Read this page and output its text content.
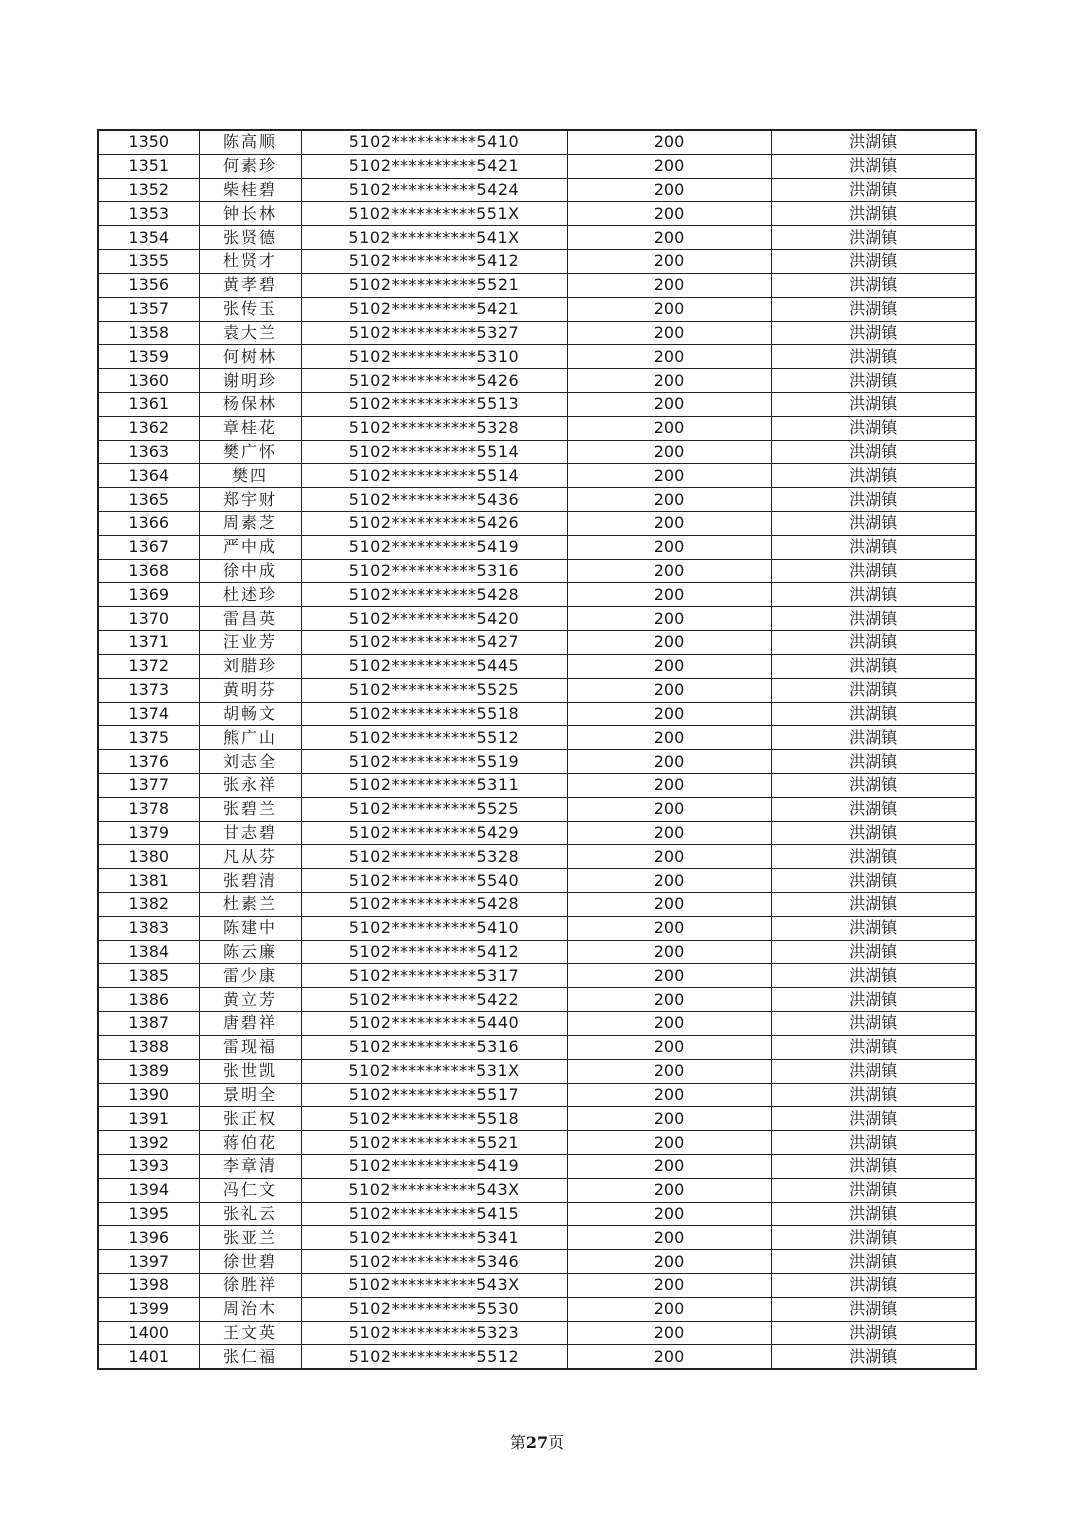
1350	陈高顺	5102**********5410	200	洪湖镇
1351	何素珍	5102**********5421	200	洪湖镇
1352	柴桂碧	5102**********5424	200	洪湖镇
1353	钟长林	5102**********551X	200	洪湖镇
1354	张贤德	5102**********541X	200	洪湖镇
1355	杜贤才	5102**********5412	200	洪湖镇
1356	黄孝碧	5102**********5521	200	洪湖镇
1357	张传玉	5102**********5421	200	洪湖镇
1358	袁大兰	5102**********5327	200	洪湖镇
1359	何树林	5102**********5310	200	洪湖镇
1360	谢明珍	5102**********5426	200	洪湖镇
1361	杨保林	5102**********5513	200	洪湖镇
1362	章桂花	5102**********5328	200	洪湖镇
1363	樊广怀	5102**********5514	200	洪湖镇
1364	樊四	5102**********5514	200	洪湖镇
1365	郑宇财	5102**********5436	200	洪湖镇
1366	周素芝	5102**********5426	200	洪湖镇
1367	严中成	5102**********5419	200	洪湖镇
1368	徐中成	5102**********5316	200	洪湖镇
1369	杜述珍	5102**********5428	200	洪湖镇
1370	雷昌英	5102**********5420	200	洪湖镇
1371	汪业芳	5102**********5427	200	洪湖镇
1372	刘腊珍	5102**********5445	200	洪湖镇
1373	黄明芬	5102**********5525	200	洪湖镇
1374	胡畅文	5102**********5518	200	洪湖镇
1375	熊广山	5102**********5512	200	洪湖镇
1376	刘志全	5102**********5519	200	洪湖镇
1377	张永祥	5102**********5311	200	洪湖镇
1378	张碧兰	5102**********5525	200	洪湖镇
1379	甘志碧	5102**********5429	200	洪湖镇
1380	凡从芬	5102**********5328	200	洪湖镇
1381	张碧清	5102**********5540	200	洪湖镇
1382	杜素兰	5102**********5428	200	洪湖镇
1383	陈建中	5102**********5410	200	洪湖镇
1384	陈云廉	5102**********5412	200	洪湖镇
1385	雷少康	5102**********5317	200	洪湖镇
1386	黄立芳	5102**********5422	200	洪湖镇
1387	唐碧祥	5102**********5440	200	洪湖镇
1388	雷现福	5102**********5316	200	洪湖镇
1389	张世凯	5102**********531X	200	洪湖镇
1390	景明全	5102**********5517	200	洪湖镇
1391	张正权	5102**********5518	200	洪湖镇
1392	蒋伯花	5102**********5521	200	洪湖镇
1393	李章清	5102**********5419	200	洪湖镇
1394	冯仁文	5102**********543X	200	洪湖镇
1395	张礼云	5102**********5415	200	洪湖镇
1396	张亚兰	5102**********5341	200	洪湖镇
1397	徐世碧	5102**********5346	200	洪湖镇
1398	徐胜祥	5102**********543X	200	洪湖镇
1399	周治木	5102**********5530	200	洪湖镇
1400	王文英	5102**********5323	200	洪湖镇
1401	张仁福	5102**********5512	200	洪湖镇
第27页
